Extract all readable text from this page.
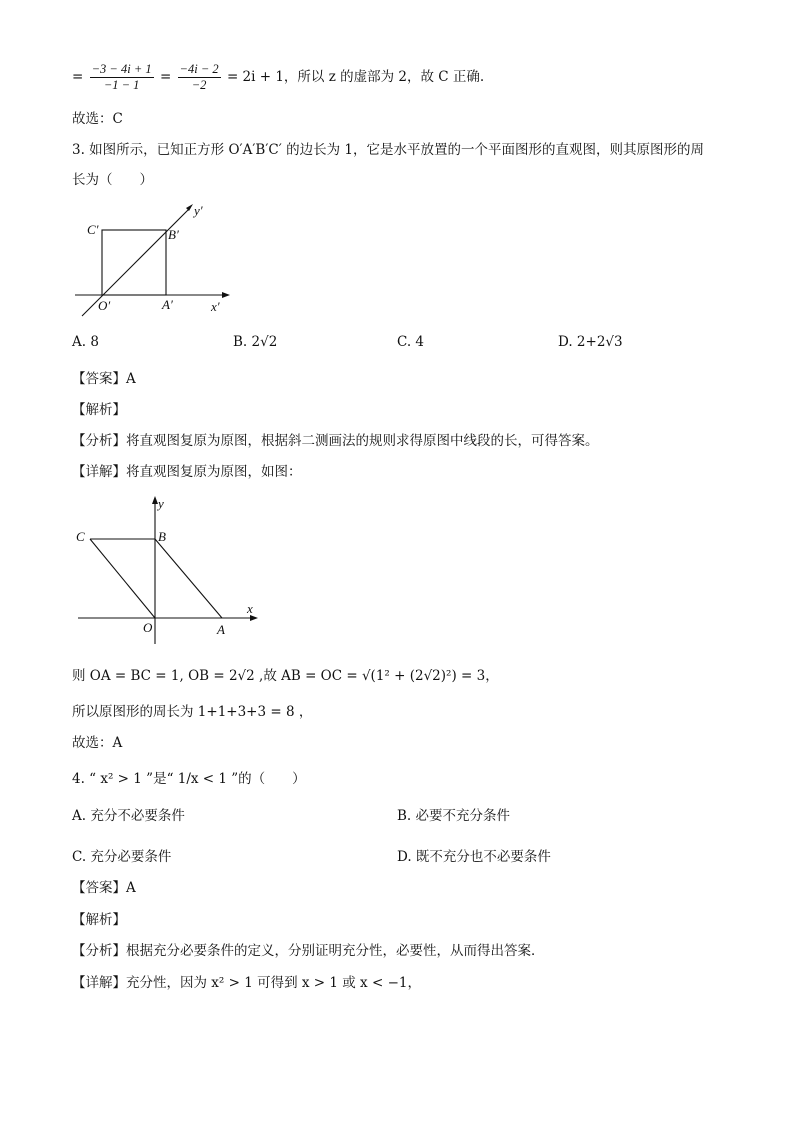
= $\frac{-3 - 4i + 1}{-1 - 1} = \frac{-4i - 2}{-2} = 2i + 1$，所以 z 的虚部为 2，故 C 正确.
故选：C
3. 如图所示，已知正方形 O′A′B′C′ 的边长为 1，它是水平放置的一个平面图形的直观图，则其原图形的周
长为（　　）
C′	B′
O′	A′	x′
y′
A. 8	B. 2√2	C. 4	D. 2+2√3
【答案】A
【解析】
【分析】将直观图复原为原图，根据斜二测画法的规则求得原图中线段的长，可得答案。
【详解】将直观图复原为原图，如图：
C	B
O	A
x
y
则 OA = BC = 1, OB = 2√2 ,故 AB = OC = √(1² + (2√2)²) = 3，
所以原图形的周长为 1+1+3+3 = 8 ，
故选：A
4. “ x² > 1 ”是“ 1/x < 1 ”的（　　）
A. 充分不必要条件	B. 必要不充分条件
C. 充分必要条件	D. 既不充分也不必要条件
【答案】A
【解析】
【分析】根据充分必要条件的定义，分别证明充分性，必要性，从而得出答案．
【详解】充分性，因为 x² > 1 可得到 x > 1 或 x < −1，
